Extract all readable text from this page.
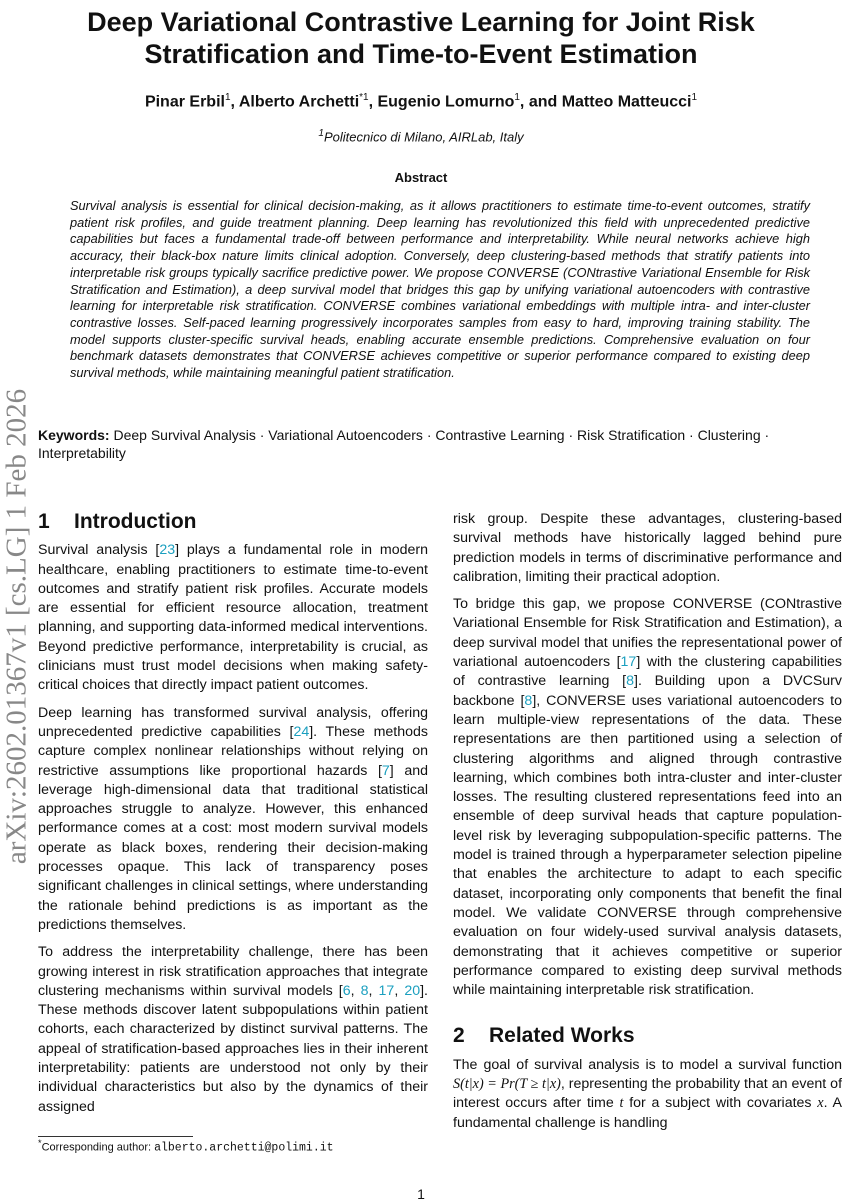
Deep Variational Contrastive Learning for Joint Risk Stratification and Time-to-Event Estimation
Pinar Erbil$^1$, Alberto Archetti$^{*1}$, Eugenio Lomurno$^1$, and Matteo Matteucci$^1$
$^1$Politecnico di Milano, AIRLab, Italy
Abstract
Survival analysis is essential for clinical decision-making, as it allows practitioners to estimate time-to-event outcomes, stratify patient risk profiles, and guide treatment planning. Deep learning has revolutionized this field with unprecedented predictive capabilities but faces a fundamental trade-off between performance and interpretability. While neural networks achieve high accuracy, their black-box nature limits clinical adoption. Conversely, deep clustering-based methods that stratify patients into interpretable risk groups typically sacrifice predictive power. We propose CONVERSE (CONtrastive Variational Ensemble for Risk Stratification and Estimation), a deep survival model that bridges this gap by unifying variational autoencoders with contrastive learning for interpretable risk stratification. CONVERSE combines variational embeddings with multiple intra- and inter-cluster contrastive losses. Self-paced learning progressively incorporates samples from easy to hard, improving training stability. The model supports cluster-specific survival heads, enabling accurate ensemble predictions. Comprehensive evaluation on four benchmark datasets demonstrates that CONVERSE achieves competitive or superior performance compared to existing deep survival methods, while maintaining meaningful patient stratification.
Keywords: Deep Survival Analysis · Variational Autoencoders · Contrastive Learning · Risk Stratification · Clustering · Interpretability
arXiv:2602.01367v1 [cs.LG] 1 Feb 2026 1 Introduction

Survival analysis [23] plays a fundamental role in modern healthcare, enabling practitioners to estimate time-to-event outcomes and stratify patient risk profiles. Accurate models are essential for efficient resource allocation, treatment planning, and supporting data-informed medical interventions. Beyond predictive performance, interpretability is crucial, as clinicians must trust model decisions when making safety-critical choices that directly impact patient outcomes.

Deep learning has transformed survival analysis, offering unprecedented predictive capabilities [24]. These methods capture complex nonlinear relationships without relying on restrictive assumptions like proportional hazards [7] and leverage high-dimensional data that traditional statistical approaches struggle to analyze. However, this enhanced performance comes at a cost: most modern survival models operate as black boxes, rendering their decision-making processes opaque. This lack of transparency poses significant challenges in clinical settings, where understanding the rationale behind predictions is as important as the predictions themselves.

To address the interpretability challenge, there has been growing interest in risk stratification approaches that integrate clustering mechanisms within survival models [6, 8, 17, 20]. These methods discover latent subpopulations within patient cohorts, each characterized by distinct survival patterns. The appeal of stratification-based approaches lies in their inherent interpretability: patients are understood not only by their individual characteristics but also by the dynamics of their assigned

risk group. Despite these advantages, clustering-based survival methods have historically lagged behind pure prediction models in terms of discriminative performance and calibration, limiting their practical adoption.

To bridge this gap, we propose CONVERSE (CONtrastive Variational Ensemble for Risk Stratification and Estimation), a deep survival model that unifies the representational power of variational autoencoders [17] with the clustering capabilities of contrastive learning [8]. Building upon a DVCSurv backbone [8], CONVERSE uses variational autoencoders to learn multiple-view representations of the data. These representations are then partitioned using a selection of clustering algorithms and aligned through contrastive learning, which combines both intra-cluster and inter-cluster losses. The resulting clustered representations feed into an ensemble of deep survival heads that capture population-level risk by leveraging subpopulation-specific patterns. The model is trained through a hyperparameter selection pipeline that enables the architecture to adapt to each specific dataset, incorporating only components that benefit the final model. We validate CONVERSE through comprehensive evaluation on four widely-used survival analysis datasets, demonstrating that it achieves competitive or superior performance compared to existing deep survival methods while maintaining interpretable risk stratification.

2 Related Works

The goal of survival analysis is to model a survival function S(t|x) = Pr(T ≥ t|x), representing the probability that an event of interest occurs after time t for a subject with covariates x. A fundamental challenge is handling

*Corresponding author: alberto.archetti@polimi.it
1
